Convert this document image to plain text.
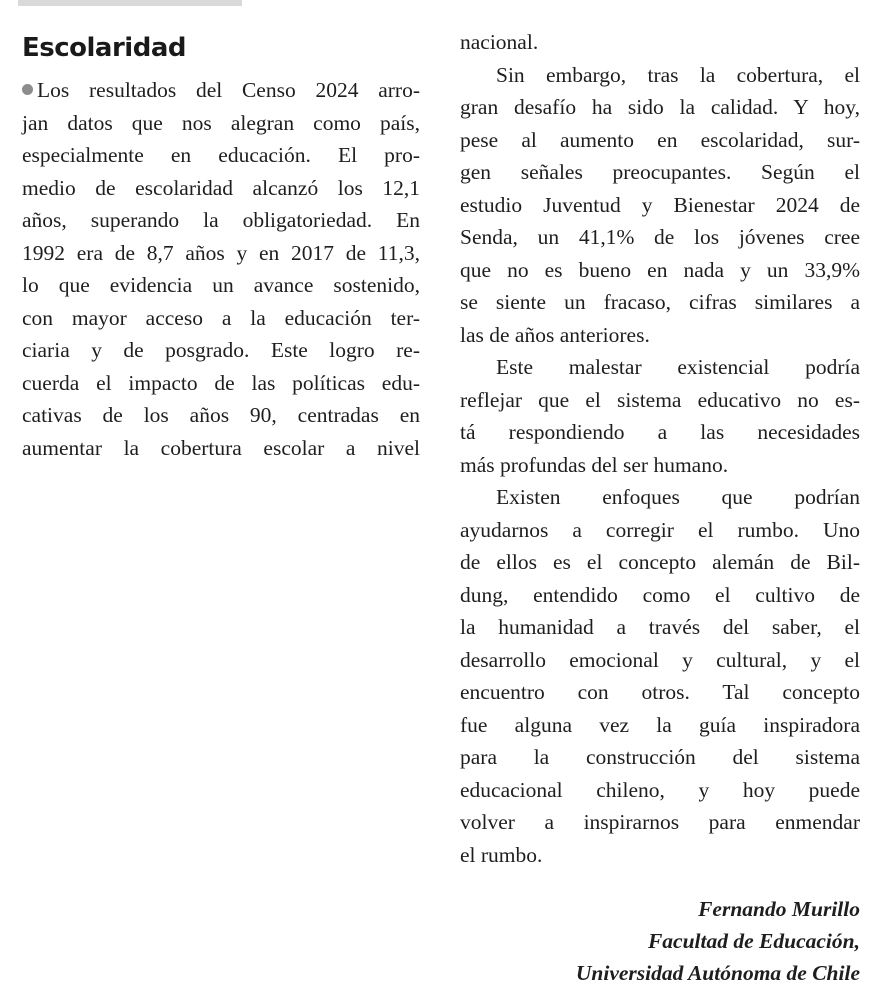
Escolaridad
Los resultados del Censo 2024 arro-
jan datos que nos alegran como país,
especialmente en educación. El pro-
medio de escolaridad alcanzó los 12,1
años, superando la obligatoriedad. En
1992 era de 8,7 años y en 2017 de 11,3,
lo que evidencia un avance sostenido,
con mayor acceso a la educación ter-
ciaria y de posgrado. Este logro re-
cuerda el impacto de las políticas edu-
cativas de los años 90, centradas en
aumentar la cobertura escolar a nivel
nacional.
Sin embargo, tras la cobertura, el
gran desafío ha sido la calidad. Y hoy,
pese al aumento en escolaridad, sur-
gen señales preocupantes. Según el
estudio Juventud y Bienestar 2024 de
Senda, un 41,1% de los jóvenes cree
que no es bueno en nada y un 33,9%
se siente un fracaso, cifras similares a
las de años anteriores.
Este malestar existencial podría
reflejar que el sistema educativo no es-
tá respondiendo a las necesidades
más profundas del ser humano.
Existen enfoques que podrían
ayudarnos a corregir el rumbo. Uno
de ellos es el concepto alemán de Bil-
dung, entendido como el cultivo de
la humanidad a través del saber, el
desarrollo emocional y cultural, y el
encuentro con otros. Tal concepto
fue alguna vez la guía inspiradora
para la construcción del sistema
educacional chileno, y hoy puede
volver a inspirarnos para enmendar
el rumbo.
Fernando Murillo
Facultad de Educación,
Universidad Autónoma de Chile
